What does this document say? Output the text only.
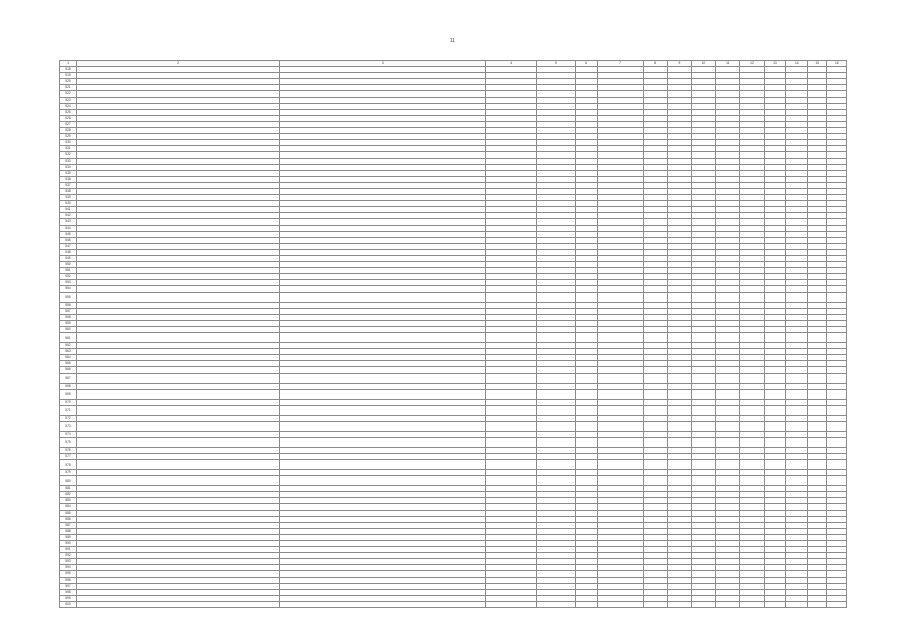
11
1	2	3	4	5	6	7	8	9	10	11	12	13	14	15	16
518															
519															
520															
521															
522															
523															
524															
525															
526															
527															
528															
529															
530															
531															
532															
533															
534															
535															
536															
537															
538															
539															
540															
541															
542															
543															
544															
545															
546															
547															
548															
549															
550															
551															
552															
553															
554															
555															
556															
557															
558															
559															
560															
561															
562															
563															
564															
565															
566															
567															
568															
569															
570															
571															
572															
573															
574															
575															
576															
577															
578															
579															
580															
581															
582															
583															
584															
585															
586															
587															
588															
589															
590															
591															
592															
593															
594															
595															
596															
597															
598															
599															
600															
